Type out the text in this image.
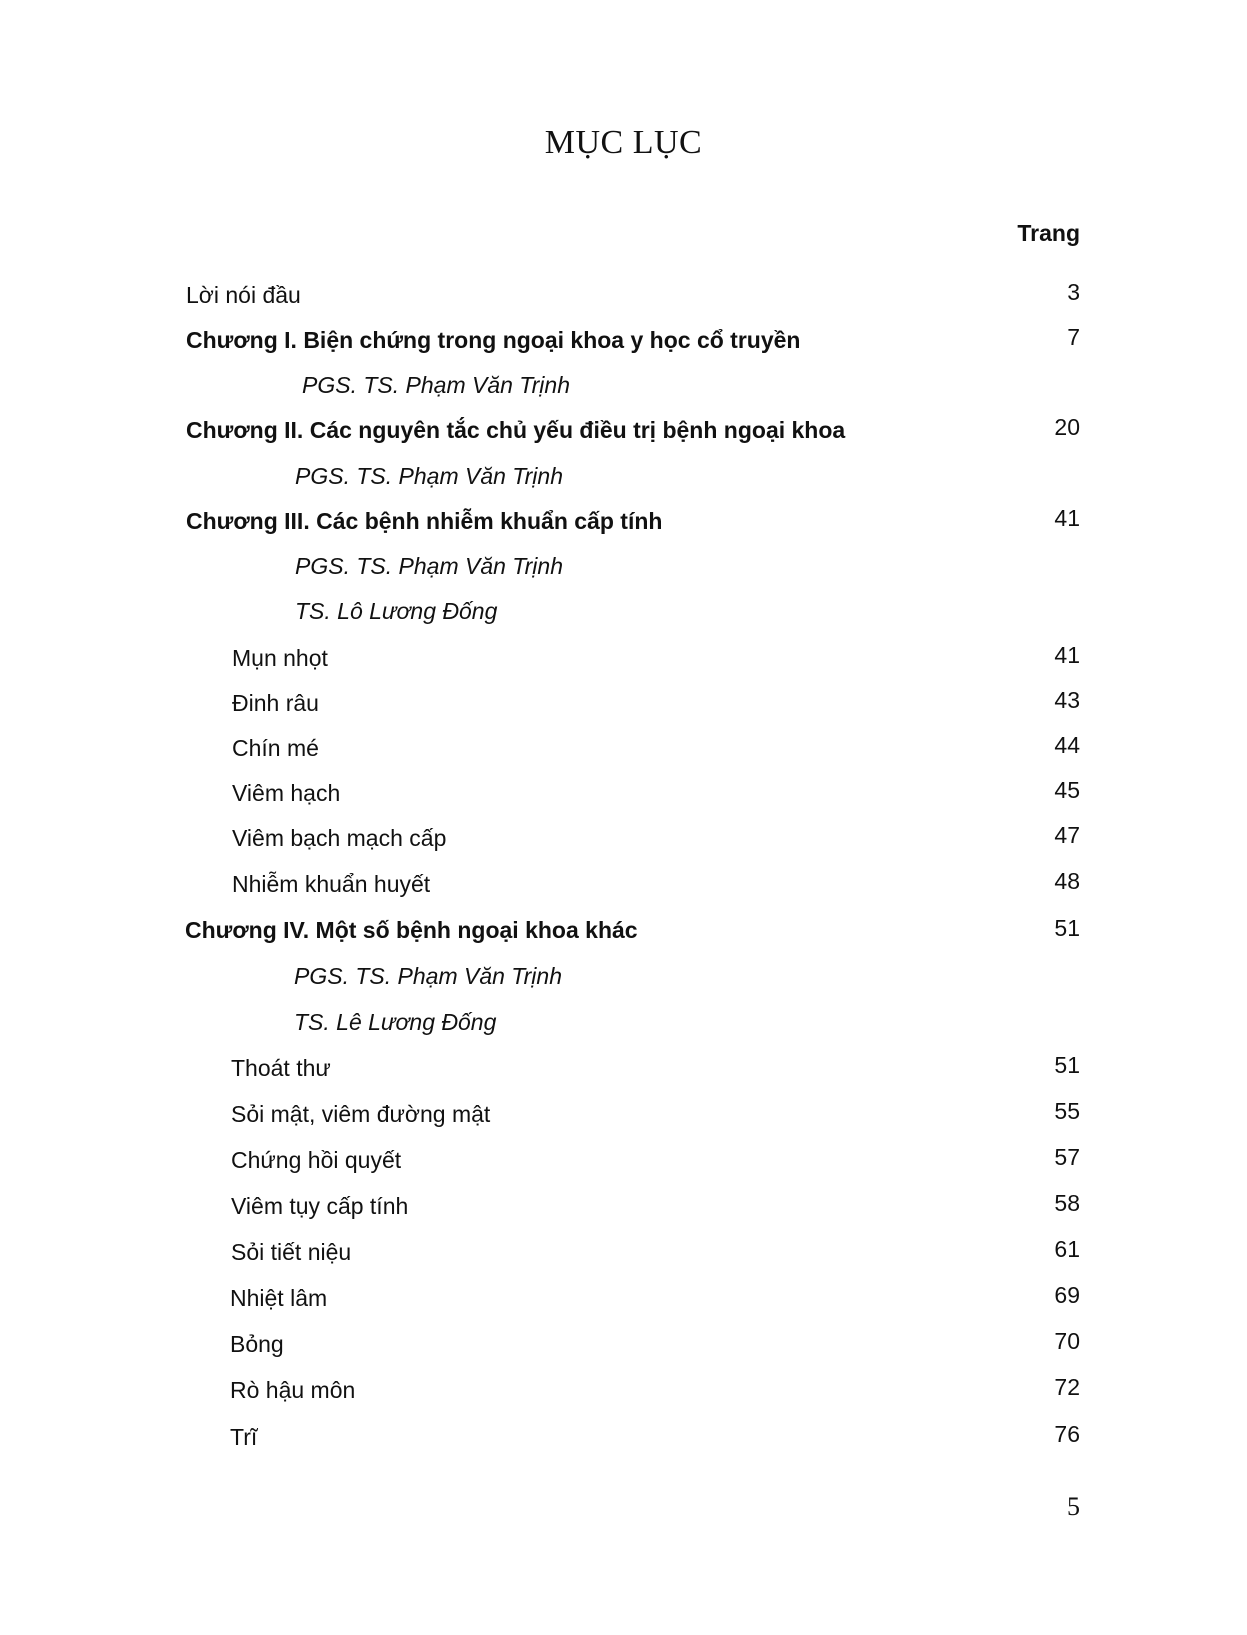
MỤC LỤC
Trang
Lời nói đầu	3
Chương I. Biện chứng trong ngoại khoa y học cổ truyền	7
PGS. TS. Phạm Văn Trịnh
Chương II. Các nguyên tắc chủ yếu điều trị bệnh ngoại khoa	20
PGS. TS. Phạm Văn Trịnh
Chương III. Các bệnh nhiễm khuẩn cấp tính	41
PGS. TS. Phạm Văn Trịnh
TS. Lô Lương Đống
Mụn nhọt	41
Đinh râu	43
Chín mé	44
Viêm hạch	45
Viêm bạch mạch cấp	47
Nhiễm khuẩn huyết	48
Chương IV. Một số bệnh ngoại khoa khác	51
PGS. TS. Phạm Văn Trịnh
TS. Lê Lương Đống
Thoát thư	51
Sỏi mật, viêm đường mật	55
Chứng hồi quyết	57
Viêm tụy cấp tính	58
Sỏi tiết niệu	61
Nhiệt lâm	69
Bỏng	70
Rò hậu môn	72
Trĩ	76
5
